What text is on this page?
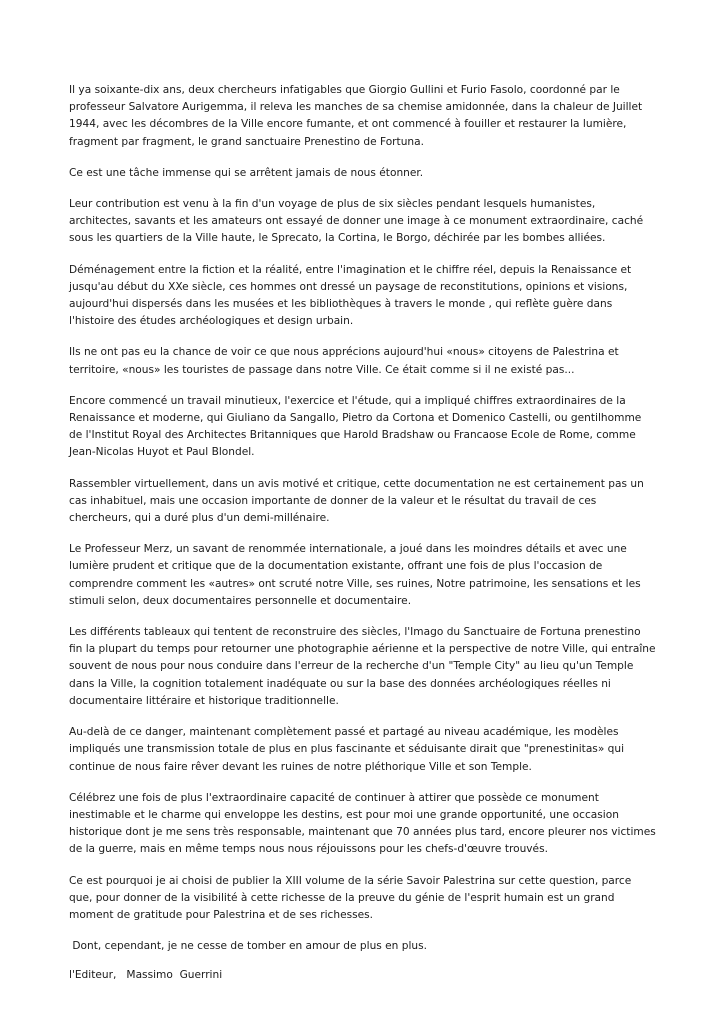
Il ya soixante-dix ans, deux chercheurs infatigables que Giorgio Gullini et Furio Fasolo, coordonné par le professeur Salvatore Aurigemma, il releva les manches de sa chemise amidonnée, dans la chaleur de Juillet 1944, avec les décombres de la Ville encore fumante, et ont commencé à fouiller et restaurer la lumière, fragment par fragment, le grand sanctuaire Prenestino de Fortuna.

Ce est une tâche immense qui se arrêtent jamais de nous étonner.

Leur contribution est venu à la fin d'un voyage de plus de six siècles pendant lesquels humanistes, architectes, savants et les amateurs ont essayé de donner une image à ce monument extraordinaire, caché sous les quartiers de la Ville haute, le Sprecato, la Cortina, le Borgo, déchirée par les bombes alliées.

Déménagement entre la fiction et la réalité, entre l'imagination et le chiffre réel, depuis la Renaissance et jusqu'au début du XXe siècle, ces hommes ont dressé un paysage de reconstitutions, opinions et visions, aujourd'hui dispersés dans les musées et les bibliothèques à travers le monde , qui reflète guère dans l'histoire des études archéologiques et design urbain.

Ils ne ont pas eu la chance de voir ce que nous apprécions aujourd'hui «nous» citoyens de Palestrina et territoire, «nous» les touristes de passage dans notre Ville. Ce était comme si il ne existé pas...

Encore commencé un travail minutieux, l'exercice et l'étude, qui a impliqué chiffres extraordinaires de la Renaissance et moderne, qui Giuliano da Sangallo, Pietro da Cortona et Domenico Castelli, ou gentilhomme de l'Institut Royal des Architectes Britanniques que Harold Bradshaw ou Francaose Ecole de Rome, comme Jean-Nicolas Huyot et Paul Blondel.

Rassembler virtuellement, dans un avis motivé et critique, cette documentation ne est certainement pas un cas inhabituel, mais une occasion importante de donner de la valeur et le résultat du travail de ces chercheurs, qui a duré plus d'un demi-millénaire.

Le Professeur Merz, un savant de renommée internationale, a joué dans les moindres détails et avec une lumière prudent et critique que de la documentation existante, offrant une fois de plus l'occasion de comprendre comment les «autres» ont scruté notre Ville, ses ruines, Notre patrimoine, les sensations et les stimuli selon, deux documentaires personnelle et documentaire.

Les différents tableaux qui tentent de reconstruire des siècles, l'Imago du Sanctuaire de Fortuna prenestino fin la plupart du temps pour retourner une photographie aérienne et la perspective de notre Ville, qui entraîne souvent de nous pour nous conduire dans l'erreur de la recherche d'un "Temple City" au lieu qu'un Temple dans la Ville, la cognition totalement inadéquate ou sur la base des données archéologiques réelles ni documentaire littéraire et historique traditionnelle.

Au-delà de ce danger, maintenant complètement passé et partagé au niveau académique, les modèles impliqués une transmission totale de plus en plus fascinante et séduisante dirait que "prenestinitas» qui continue de nous faire rêver devant les ruines de notre pléthorique Ville et son Temple.

Célébrez une fois de plus l'extraordinaire capacité de continuer à attirer que possède ce monument inestimable et le charme qui enveloppe les destins, est pour moi une grande opportunité, une occasion historique dont je me sens très responsable, maintenant que 70 années plus tard, encore pleurer nos victimes de la guerre, mais en même temps nous nous réjouissons pour les chefs-d'œuvre trouvés.

Ce est pourquoi je ai choisi de publier la XIII volume de la série Savoir Palestrina sur cette question, parce que, pour donner de la visibilité à cette richesse de la preuve du génie de l'esprit humain est un grand moment de gratitude pour Palestrina et de ses richesses.

Dont, cependant, je ne cesse de tomber en amour de plus en plus.

l'Editeur,   Massimo  Guerrini
